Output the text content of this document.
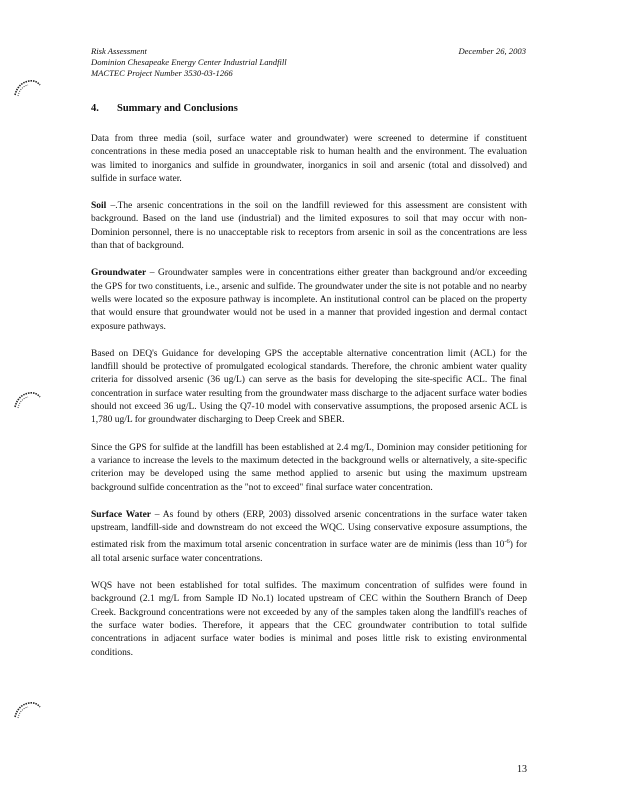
Risk Assessment
Dominion Chesapeake Energy Center Industrial Landfill
MACTEC Project Number 3530-03-1266
December 26, 2003
4. Summary and Conclusions

Data from three media (soil, surface water and groundwater) were screened to determine if constituent concentrations in these media posed an unacceptable risk to human health and the environment. The evaluation was limited to inorganics and sulfide in groundwater, inorganics in soil and arsenic (total and dissolved) and sulfide in surface water.

Soil –.The arsenic concentrations in the soil on the landfill reviewed for this assessment are consistent with background. Based on the land use (industrial) and the limited exposures to soil that may occur with non-Dominion personnel, there is no unacceptable risk to receptors from arsenic in soil as the concentrations are less than that of background.

Groundwater – Groundwater samples were in concentrations either greater than background and/or exceeding the GPS for two constituents, i.e., arsenic and sulfide. The groundwater under the site is not potable and no nearby wells were located so the exposure pathway is incomplete. An institutional control can be placed on the property that would ensure that groundwater would not be used in a manner that provided ingestion and dermal contact exposure pathways.

Based on DEQ's Guidance for developing GPS the acceptable alternative concentration limit (ACL) for the landfill should be protective of promulgated ecological standards. Therefore, the chronic ambient water quality criteria for dissolved arsenic (36 ug/L) can serve as the basis for developing the site-specific ACL. The final concentration in surface water resulting from the groundwater mass discharge to the adjacent surface water bodies should not exceed 36 ug/L. Using the Q7-10 model with conservative assumptions, the proposed arsenic ACL is 1,780 ug/L for groundwater discharging to Deep Creek and SBER.

Since the GPS for sulfide at the landfill has been established at 2.4 mg/L, Dominion may consider petitioning for a variance to increase the levels to the maximum detected in the background wells or alternatively, a site-specific criterion may be developed using the same method applied to arsenic but using the maximum upstream background sulfide concentration as the "not to exceed" final surface water concentration.

Surface Water – As found by others (ERP, 2003) dissolved arsenic concentrations in the surface water taken upstream, landfill-side and downstream do not exceed the WQC. Using conservative exposure assumptions, the estimated risk from the maximum total arsenic concentration in surface water are de minimis (less than $10^{-6}$) for all total arsenic surface water concentrations.

WQS have not been established for total sulfides. The maximum concentration of sulfides were found in background (2.1 mg/L from Sample ID No.1) located upstream of CEC within the Southern Branch of Deep Creek. Background concentrations were not exceeded by any of the samples taken along the landfill's reaches of the surface water bodies. Therefore, it appears that the CEC groundwater contribution to total sulfide concentrations in adjacent surface water bodies is minimal and poses little risk to existing environmental conditions.

13
